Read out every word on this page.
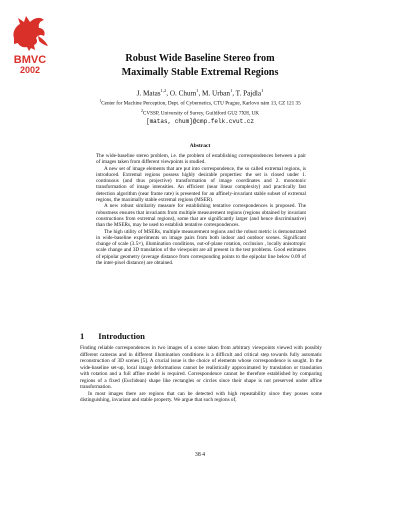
BMVC
2002
Robust Wide Baseline Stereo from
Maximally Stable Extremal Regions
J. Matas$^{1,2}$, O. Chum$^1$, M. Urban$^1$, T. Pajdla$^1$
$^1$Center for Machine Perception, Dept. of Cybernetics, CTU Prague, Karlovo nám 13, CZ 121 35
$^2$CVSSP, University of Surrey, Guildford GU2 7XH, UK
[matas, chum]@cmp.felk.cvut.cz
Abstract

The wide-baseline stereo problem, i.e. the problem of establishing correspondences between a pair of images taken from different viewpoints is studied.

A new set of image elements that are put into correspondence, the so called extremal regions, is introduced. Extremal regions possess highly desirable properties: the set is closed under 1. continuous (and thus projective) transformation of image coordinates and 2. monotonic transformation of image intensities. An efficient (near linear complexity) and practically fast detection algorithm (near frame rate) is presented for an affinely-invariant stable subset of extremal regions, the maximally stable extremal regions (MSER).

A new robust similarity measure for establishing tentative correspondences is proposed. The robustness ensures that invariants from multiple measurement regions (regions obtained by invariant constructions from extremal regions), some that are significantly larger (and hence discriminative) than the MSERs, may be used to establish tentative correspondences.

The high utility of MSERs, multiple measurement regions and the robust metric is demonstrated in wide-baseline experiments on image pairs from both indoor and outdoor scenes. Significant change of scale (3.5×), illumination conditions, out-of-plane rotation, occlusion , locally anisotropic scale change and 3D translation of the viewpoint are all present in the test problems. Good estimates of epipolar geometry (average distance from corresponding points to the epipolar line below 0.09 of the inter-pixel distance) are obtained.

1 Introduction

Finding reliable correspondences in two images of a scene taken from arbitrary viewpoints viewed with possibly different cameras and in different illumination conditions is a difficult and critical step towards fully automatic reconstruction of 3D scenes [5]. A crucial issue is the choice of elements whose correspondence is sought. In the wide-baseline set-up, local image deformations cannot be realistically approximated by translation or translation with rotation and a full affine model is required. Correspondence cannot be therefore established by comparing regions of a fixed (Euclidean) shape like rectangles or circles since their shape is not preserved under affine transformation.

In most images there are regions that can be detected with high repeatability since they posses some distinguishing, invariant and stable property. We argue that such regions of,

38 4
